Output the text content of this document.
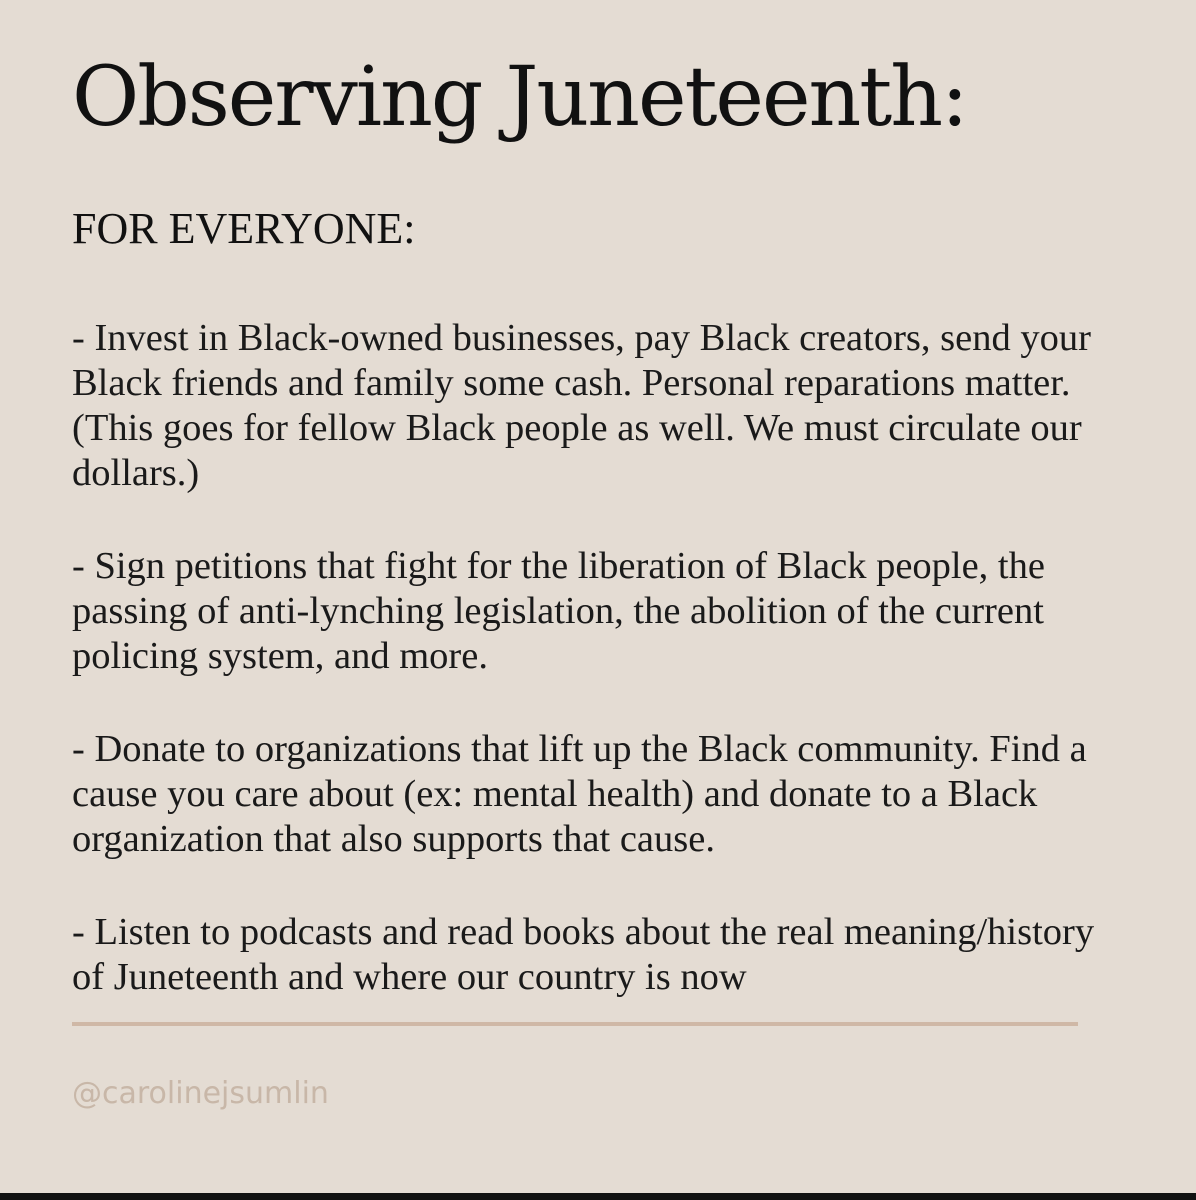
Observing Juneteenth:
FOR EVERYONE:

- Invest in Black-owned businesses, pay Black creators, send your Black friends and family some cash. Personal reparations matter. (This goes for fellow Black people as well. We must circulate our dollars.)

- Sign petitions that fight for the liberation of Black people, the passing of anti-lynching legislation, the abolition of the current policing system, and more.

- Donate to organizations that lift up the Black community. Find a cause you care about (ex: mental health) and donate to a Black organization that also supports that cause.

- Listen to podcasts and read books about the real meaning/history of Juneteenth and where our country is now

@carolinejsumlin
